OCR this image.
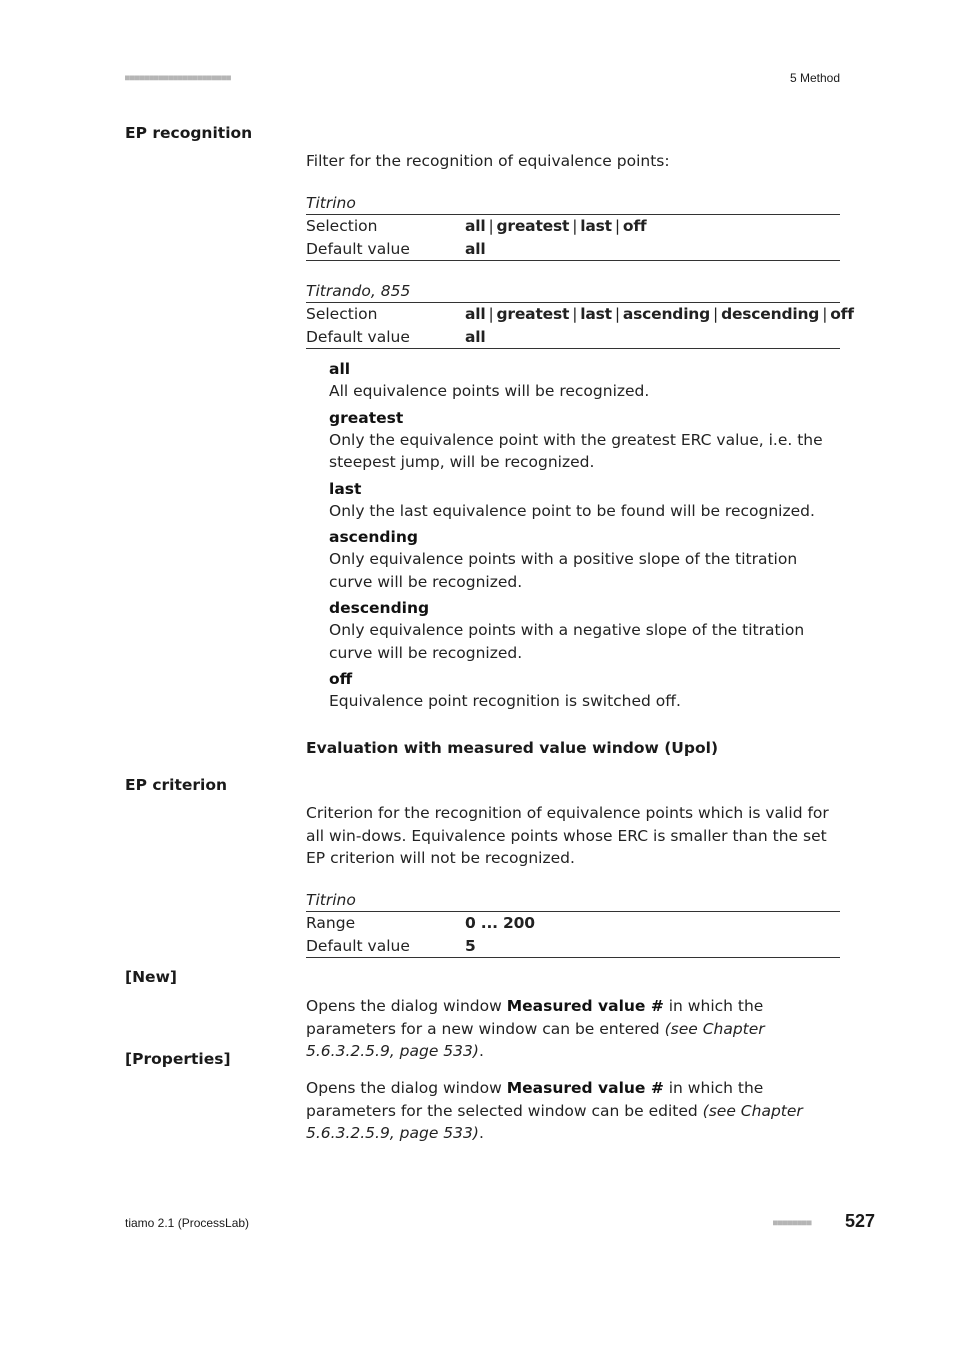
■■■■■■■■■■■■■■■■■■■■■■	5 Method
EP recognition
Filter for the recognition of equivalence points:
Titrino
Selection	all | greatest | last | off
Default value	all
Titrando, 855
Selection	all | greatest | last | ascending | descending | off
Default value	all
all
All equivalence points will be recognized.
greatest
Only the equivalence point with the greatest ERC value, i.e. the steepest jump, will be recognized.
last
Only the last equivalence point to be found will be recognized.
ascending
Only equivalence points with a positive slope of the titration curve will be recognized.
descending
Only equivalence points with a negative slope of the titration curve will be recognized.
off
Equivalence point recognition is switched off.
Evaluation with measured value window (Upol)
EP criterion
Criterion for the recognition of equivalence points which is valid for all win-dows. Equivalence points whose ERC is smaller than the set EP criterion will not be recognized.
Titrino
Range	0 ... 200
Default value	5
[New]
Opens the dialog window Measured value # in which the parameters for a new window can be entered (see Chapter 5.6.3.2.5.9, page 533).
[Properties]
Opens the dialog window Measured value # in which the parameters for the selected window can be edited (see Chapter 5.6.3.2.5.9, page 533).
tiamo 2.1 (ProcessLab)	■■■■■■■■ 527
